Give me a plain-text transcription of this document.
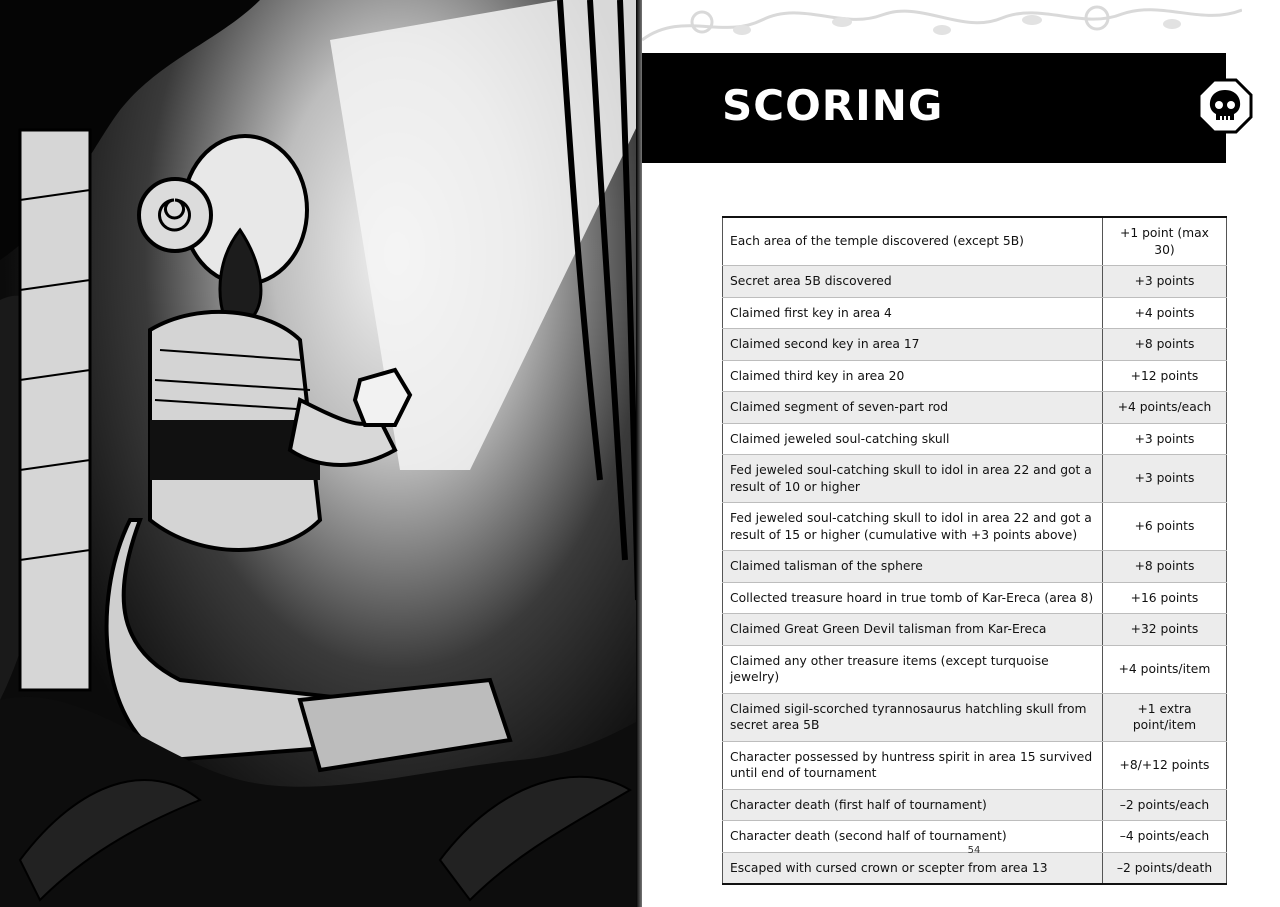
SCORING
Each area of the temple discovered (except 5B)	+1 point (max 30)
Secret area 5B discovered	+3 points
Claimed first key in area 4	+4 points
Claimed second key in area 17	+8 points
Claimed third key in area 20	+12 points
Claimed segment of seven-part rod	+4 points/each
Claimed jeweled soul-catching skull	+3 points
Fed jeweled soul-catching skull to idol in area 22 and got a result of 10 or higher	+3 points
Fed jeweled soul-catching skull to idol in area 22 and got a result of 15 or higher (cumulative with +3 points above)	+6 points
Claimed talisman of the sphere	+8 points
Collected treasure hoard in true tomb of Kar-Ereca (area 8)	+16 points
Claimed Great Green Devil talisman from Kar-Ereca	+32 points
Claimed any other treasure items (except turquoise jewelry)	+4 points/item
Claimed sigil-scorched tyrannosaurus hatchling skull from secret area 5B	+1 extra point/item
Character possessed by huntress spirit in area 15 survived until end of tournament	+8/+12 points
Character death (first half of tournament)	–2 points/each
Character death (second half of tournament)	–4 points/each
Escaped with cursed crown or scepter from area 13	–2 points/death
54
